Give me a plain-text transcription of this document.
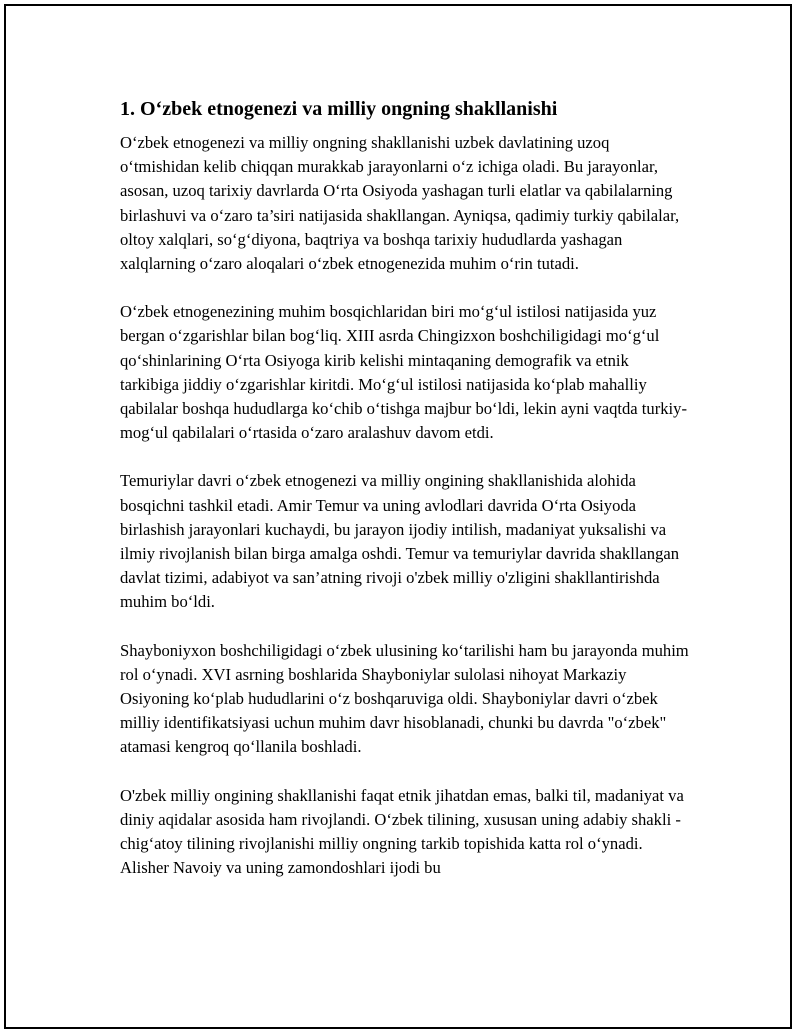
1. O‘zbek etnogenezi va milliy ongning shakllanishi

O‘zbek etnogenezi va milliy ongning shakllanishi uzbek davlatining uzoq o‘tmishidan kelib chiqqan murakkab jarayonlarni o‘z ichiga oladi. Bu jarayonlar, asosan, uzoq tarixiy davrlarda O‘rta Osiyoda yashagan turli elatlar va qabilalarning birlashuvi va o‘zaro ta’siri natijasida shakllangan. Ayniqsa, qadimiy turkiy qabilalar, oltoy xalqlari, so‘g‘diyona, baqtriya va boshqa tarixiy hududlarda yashagan xalqlarning o‘zaro aloqalari o‘zbek etnogenezida muhim o‘rin tutadi.

O‘zbek etnogenezining muhim bosqichlaridan biri mo‘g‘ul istilosi natijasida yuz bergan o‘zgarishlar bilan bog‘liq. XIII asrda Chingizxon boshchiligidagi mo‘g‘ul qo‘shinlarining O‘rta Osiyoga kirib kelishi mintaqaning demografik va etnik tarkibiga jiddiy o‘zgarishlar kiritdi. Mo‘g‘ul istilosi natijasida ko‘plab mahalliy qabilalar boshqa hududlarga ko‘chib o‘tishga majbur bo‘ldi, lekin ayni vaqtda turkiy-mog‘ul qabilalari o‘rtasida o‘zaro aralashuv davom etdi.

Temuriylar davri o‘zbek etnogenezi va milliy ongining shakllanishida alohida bosqichni tashkil etadi. Amir Temur va uning avlodlari davrida O‘rta Osiyoda birlashish jarayonlari kuchaydi, bu jarayon ijodiy intilish, madaniyat yuksalishi va ilmiy rivojlanish bilan birga amalga oshdi. Temur va temuriylar davrida shakllangan davlat tizimi, adabiyot va san’atning rivoji o'zbek milliy o'zligini shakllantirishda muhim bo‘ldi.

Shayboniyxon boshchiligidagi o‘zbek ulusining ko‘tarilishi ham bu jarayonda muhim rol o‘ynadi. XVI asrning boshlarida Shayboniylar sulolasi nihoyat Markaziy Osiyoning ko‘plab hududlarini o‘z boshqaruviga oldi. Shayboniylar davri o‘zbek milliy identifikatsiyasi uchun muhim davr hisoblanadi, chunki bu davrda "o‘zbek" atamasi kengroq qo‘llanila boshladi.

O'zbek milliy ongining shakllanishi faqat etnik jihatdan emas, balki til, madaniyat va diniy aqidalar asosida ham rivojlandi. O‘zbek tilining, xususan uning adabiy shakli - chig‘atoy tilining rivojlanishi milliy ongning tarkib topishida katta rol o‘ynadi. Alisher Navoiy va uning zamondoshlari ijodi bu
